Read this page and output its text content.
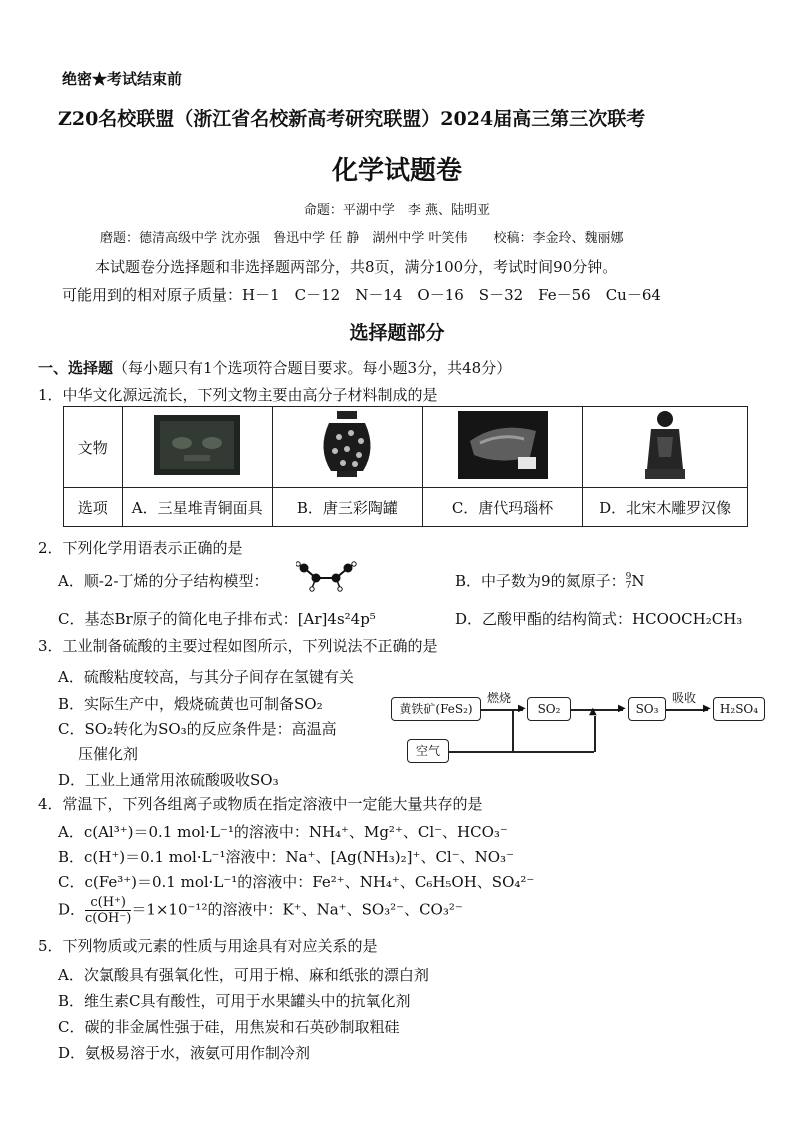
绝密★考试结束前
Z20名校联盟（浙江省名校新高考研究联盟）2024届高三第三次联考
化学试题卷
命题：平湖中学　李 燕、陆明亚
磨题：德清高级中学 沈亦强　鲁迅中学 任 静　湖州中学 叶笑伟　　校稿：李金玲、魏丽娜
本试题卷分选择题和非选择题两部分，共8页，满分100分，考试时间90分钟。
可能用到的相对原子质量：H－1　C－12　N－14　O－16　S－32　Fe－56　Cu－64
选择题部分
一、选择题（每小题只有1个选项符合题目要求。每小题3分，共48分）
1．中华文化源远流长，下列文物主要由高分子材料制成的是
文物				
选项	A．三星堆青铜面具	B．唐三彩陶罐	C．唐代玛瑙杯	D．北宋木雕罗汉像
2．下列化学用语表示正确的是
A．顺-2-丁烯的分子结构模型：	B．中子数为9的氮原子： 9
7 N
C．基态Br原子的简化电子排布式：[Ar]4s²4p⁵	D．乙酸甲酯的结构简式：HCOOCH₂CH₃
3．工业制备硫酸的主要过程如图所示，下列说法不正确的是
A．硫酸粘度较高，与其分子间存在氢键有关
B．实际生产中，煅烧硫黄也可制备SO₂
C．SO₂转化为SO₃的反应条件是：高温高
压催化剂
D．工业上通常用浓硫酸吸收SO₃
黄铁矿(FeS₂)
燃烧
▶ SO₂	▶ SO₃
吸收
▶ H₂SO₄
空气
▲
4．常温下，下列各组离子或物质在指定溶液中一定能大量共存的是
A．c(Al³⁺)＝0.1 mol·L⁻¹的溶液中：NH₄⁺、Mg²⁺、Cl⁻、HCO₃⁻
B．c(H⁺)＝0.1 mol·L⁻¹溶液中：Na⁺、[Ag(NH₃)₂]⁺、Cl⁻、NO₃⁻
C．c(Fe³⁺)＝0.1 mol·L⁻¹的溶液中：Fe²⁺、NH₄⁺、C₆H₅OH、SO₄²⁻
D． $\frac{c(H^+)}{c(OH^-)} =1\times 10^{-12}$的溶液中：K⁺、Na⁺、SO₃²⁻、CO₃²⁻
5．下列物质或元素的性质与用途具有对应关系的是
A．次氯酸具有强氧化性，可用于棉、麻和纸张的漂白剂
B．维生素C具有酸性，可用于水果罐头中的抗氧化剂
C．碳的非金属性强于硅，用焦炭和石英砂制取粗硅
D．氨极易溶于水，液氨可用作制冷剂
